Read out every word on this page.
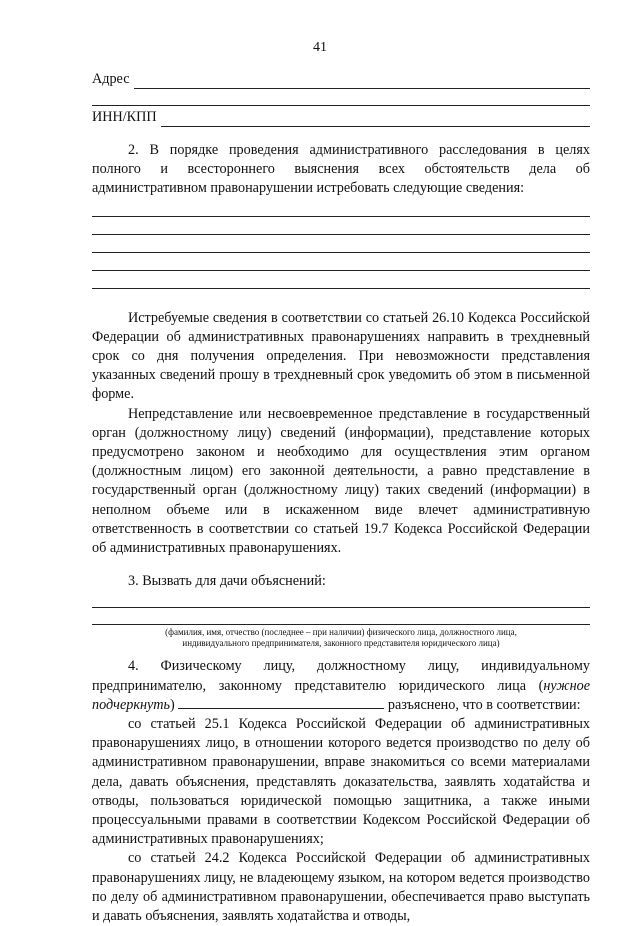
41
Адрес
ИНН/КПП

2. В порядке проведения административного расследования в целях полного и всестороннего выяснения всех обстоятельств дела об административном правонарушении истребовать следующие сведения:

Истребуемые сведения в соответствии со статьей 26.10 Кодекса Российской Федерации об административных правонарушениях направить в трехдневный срок со дня получения определения. При невозможности представления указанных сведений прошу в трехдневный срок уведомить об этом в письменной форме.

Непредставление или несвоевременное представление в государственный орган (должностному лицу) сведений (информации), представление которых предусмотрено законом и необходимо для осуществления этим органом (должностным лицом) его законной деятельности, а равно представление в государственный орган (должностному лицу) таких сведений (информации) в неполном объеме или в искаженном виде влечет административную ответственность в соответствии со статьей 19.7 Кодекса Российской Федерации об административных правонарушениях.

3. Вызвать для дачи объяснений:

(фамилия, имя, отчество (последнее – при наличии) физического лица, должностного лица,
индивидуального предпринимателя, законного представителя юридического лица)

4. Физическому лицу, должностному лицу, индивидуальному предпринимателю, законному представителю юридического лица (нужное подчеркнуть)	разъяснено, что в соответствии:

со статьей 25.1 Кодекса Российской Федерации об административных правонарушениях лицо, в отношении которого ведется производство по делу об административном правонарушении, вправе знакомиться со всеми материалами дела, давать объяснения, представлять доказательства, заявлять ходатайства и отводы, пользоваться юридической помощью защитника, а также иными процессуальными правами в соответствии Кодексом Российской Федерации об административных правонарушениях;

со статьей 24.2 Кодекса Российской Федерации об административных правонарушениях лицу, не владеющему языком, на котором ведется производство по делу об административном правонарушении, обеспечивается право выступать и давать объяснения, заявлять ходатайства и отводы,
